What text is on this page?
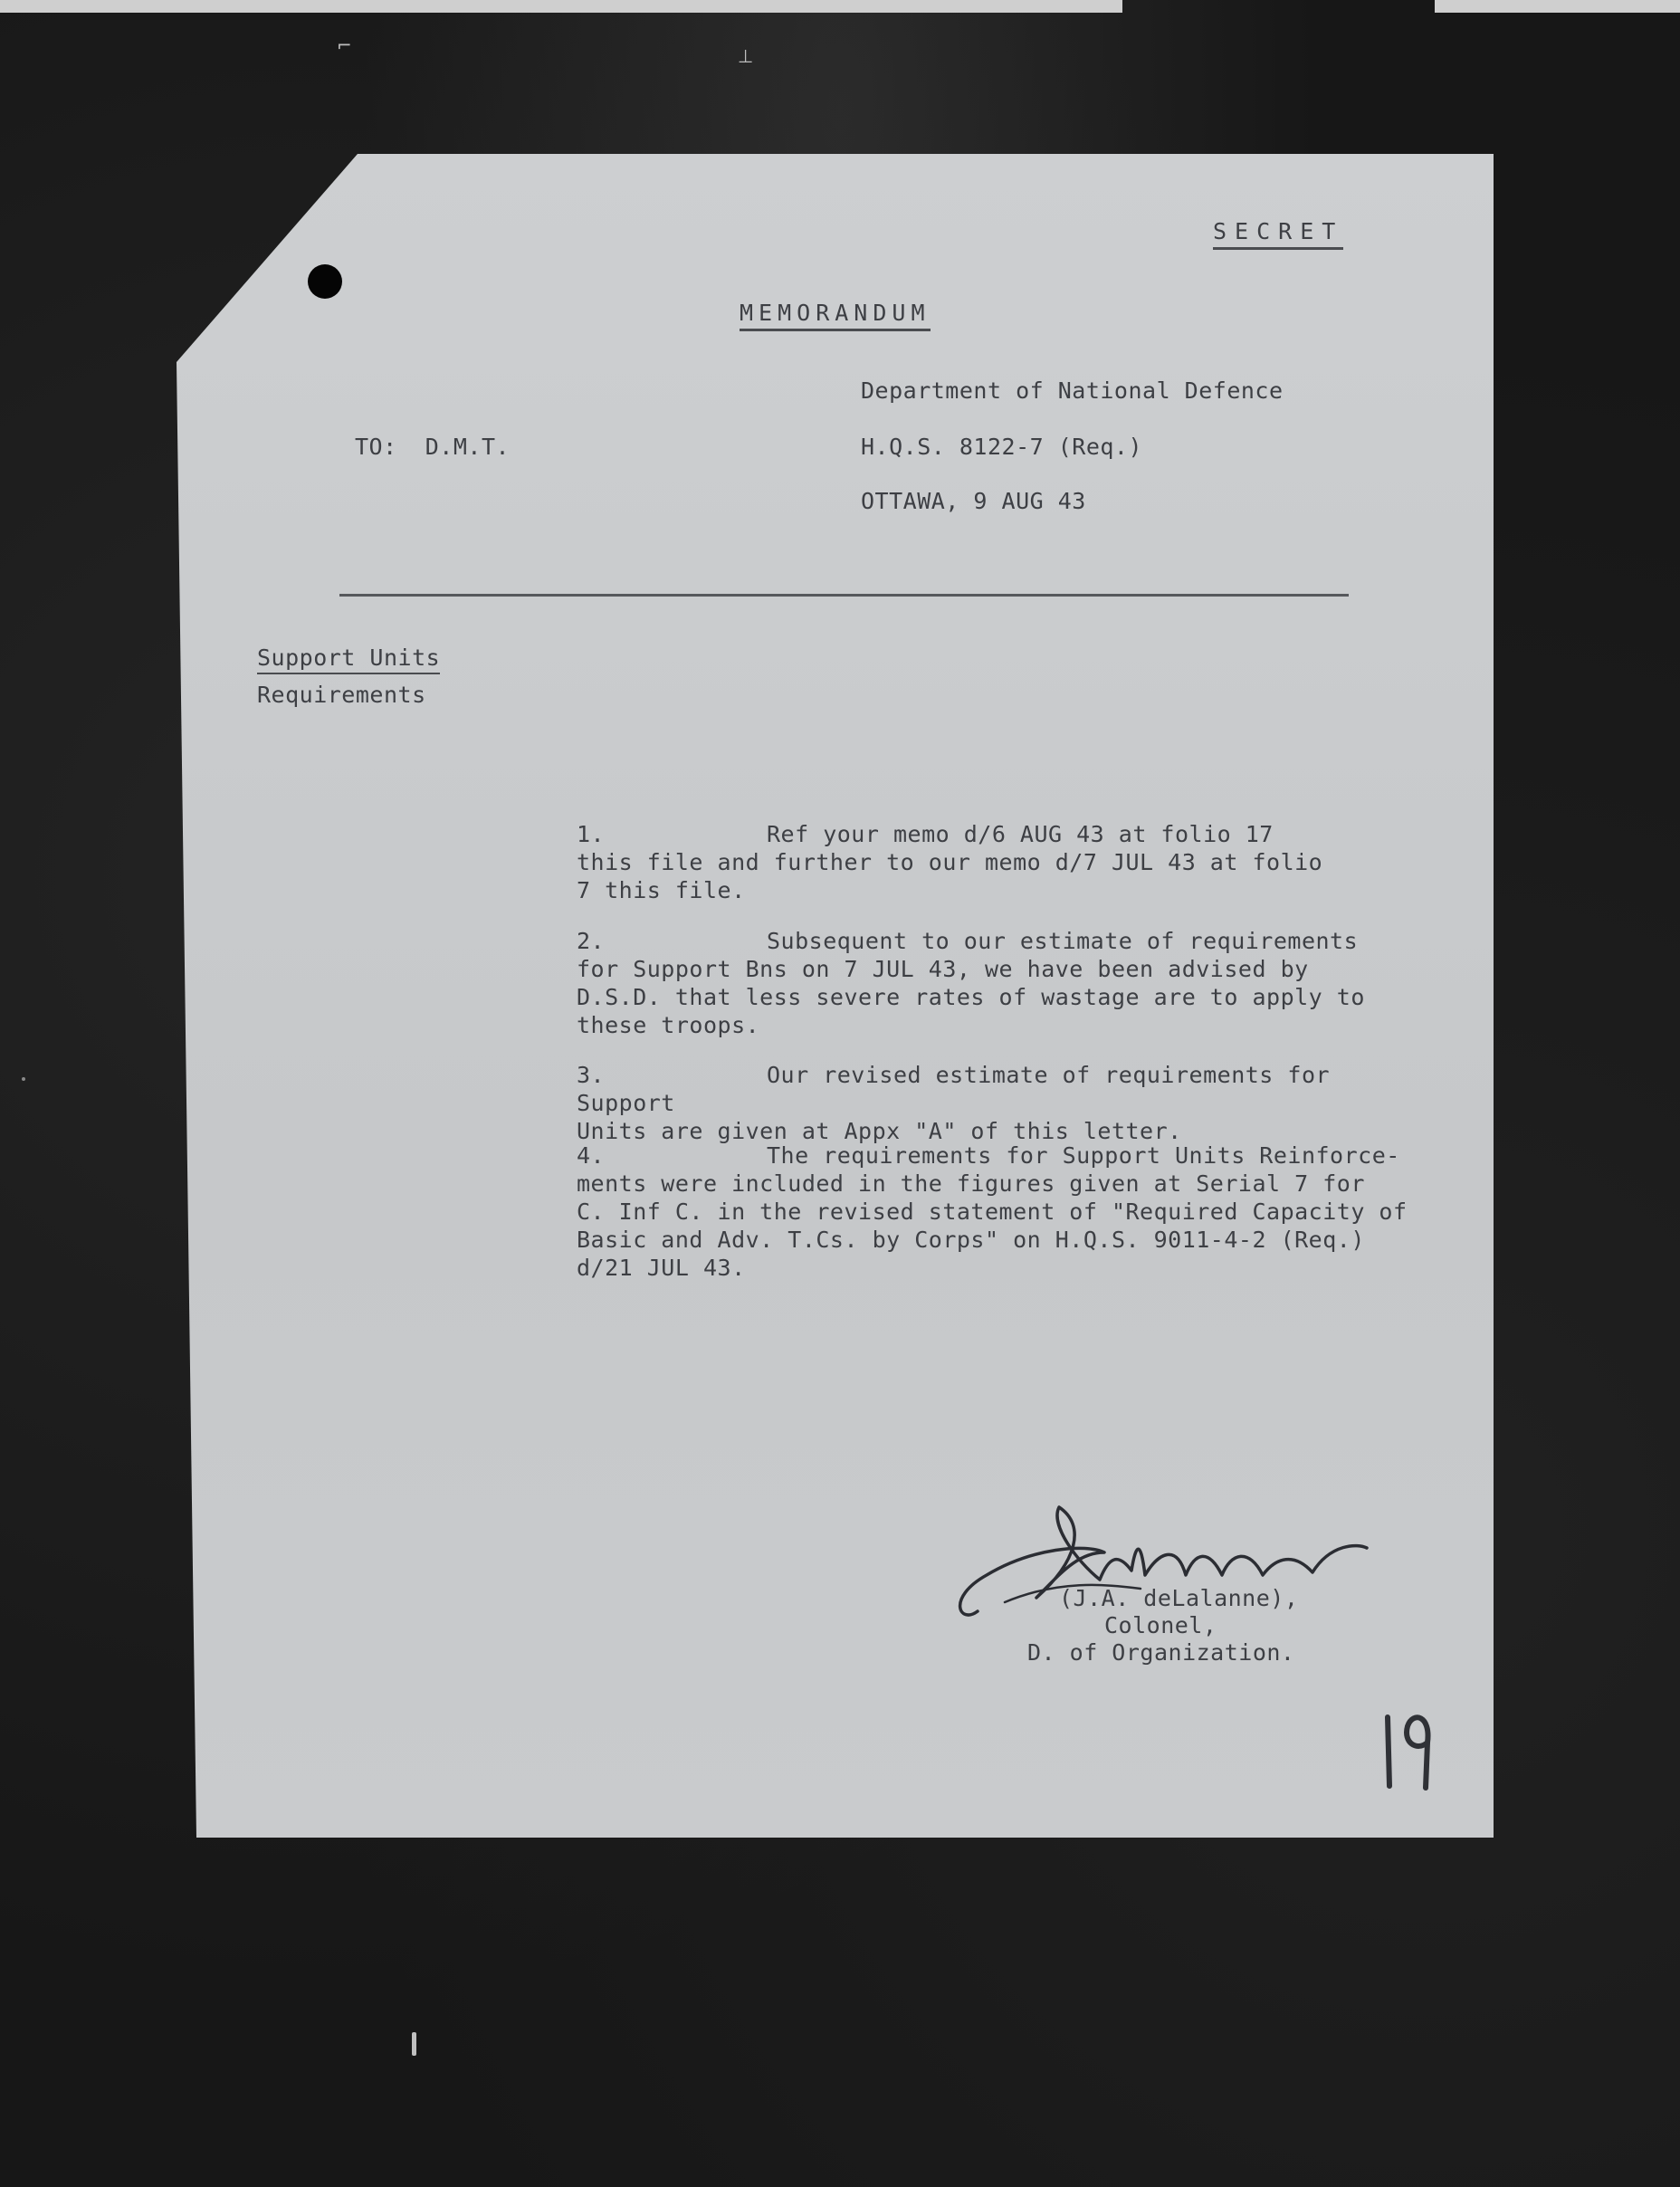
⌐	⊥
SECRET
MEMORANDUM
Department of National Defence
H.Q.S. 8122-7 (Req.)
OTTAWA, 9 AUG 43
TO:  D.M.T.
Support Units
Requirements
1.	Ref your memo d/6 AUG 43 at folio 17
this file and further to our memo d/7 JUL 43 at folio
7 this file.
2.	Subsequent to our estimate of requirements
for Support Bns on 7 JUL 43, we have been advised by
D.S.D. that less severe rates of wastage are to apply to
these troops.
3.	Our revised estimate of requirements for Support
Units are given at Appx "A" of this letter.
4.	The requirements for Support Units Reinforce-
ments were included in the figures given at Serial 7 for
C. Inf C. in the revised statement of "Required Capacity of
Basic and Adv. T.Cs. by Corps" on H.Q.S. 9011-4-2 (Req.)
d/21 JUL 43.
(J.A. deLalanne),
Colonel,
D. of Organization.
